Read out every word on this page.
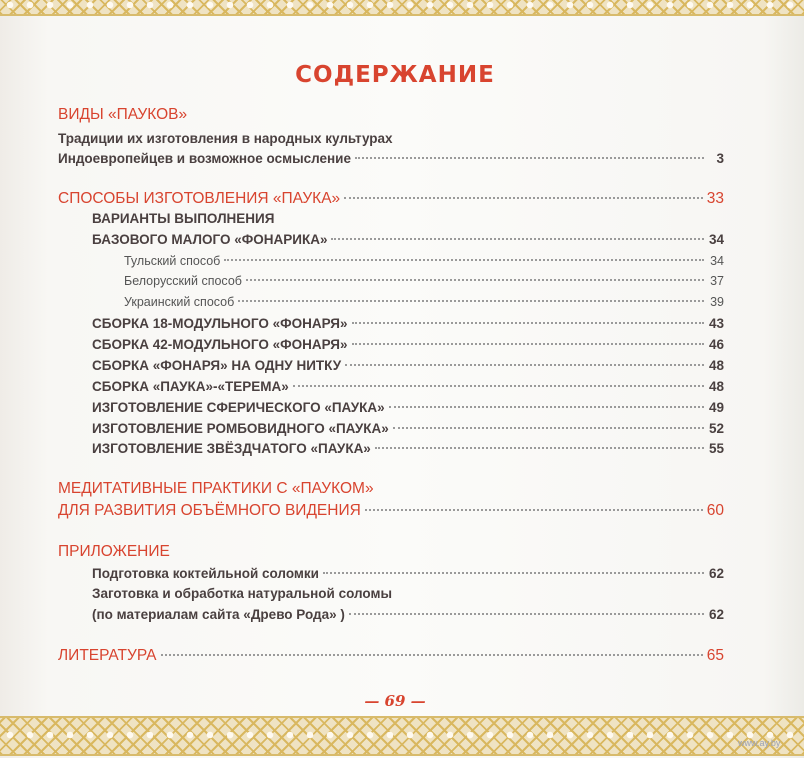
СОДЕРЖАНИЕ
ВИДЫ «ПАУКОВ»
Традиции их изготовления в народных культурах
Индоевропейцев и возможное осмысление	3
СПОСОБЫ ИЗГОТОВЛЕНИЯ «ПАУКА»	33
ВАРИАНТЫ ВЫПОЛНЕНИЯ
БАЗОВОГО МАЛОГО «ФОНАРИКА»	34
Тульский способ	34
Белорусский способ	37
Украинский способ	39
СБОРКА 18-МОДУЛЬНОГО «ФОНАРЯ»	43
СБОРКА 42-МОДУЛЬНОГО «ФОНАРЯ»	46
СБОРКА «ФОНАРЯ» НА ОДНУ НИТКУ	48
СБОРКА «ПАУКА»-«ТЕРЕМА»	48
ИЗГОТОВЛЕНИЕ СФЕРИЧЕСКОГО «ПАУКА»	49
ИЗГОТОВЛЕНИЕ РОМБОВИДНОГО «ПАУКА»	52
ИЗГОТОВЛЕНИЕ ЗВЁЗДЧАТОГО «ПАУКА»	55
МЕДИТАТИВНЫЕ ПРАКТИКИ С «ПАУКОМ»
ДЛЯ РАЗВИТИЯ ОБЪЁМНОГО ВИДЕНИЯ	60
ПРИЛОЖЕНИЕ
Подготовка коктейльной соломки	62
Заготовка и обработка натуральной соломы
(по материалам сайта «Древо Рода» )	62
ЛИТЕРАТУРА	65
— 69 —
www.ay.by
